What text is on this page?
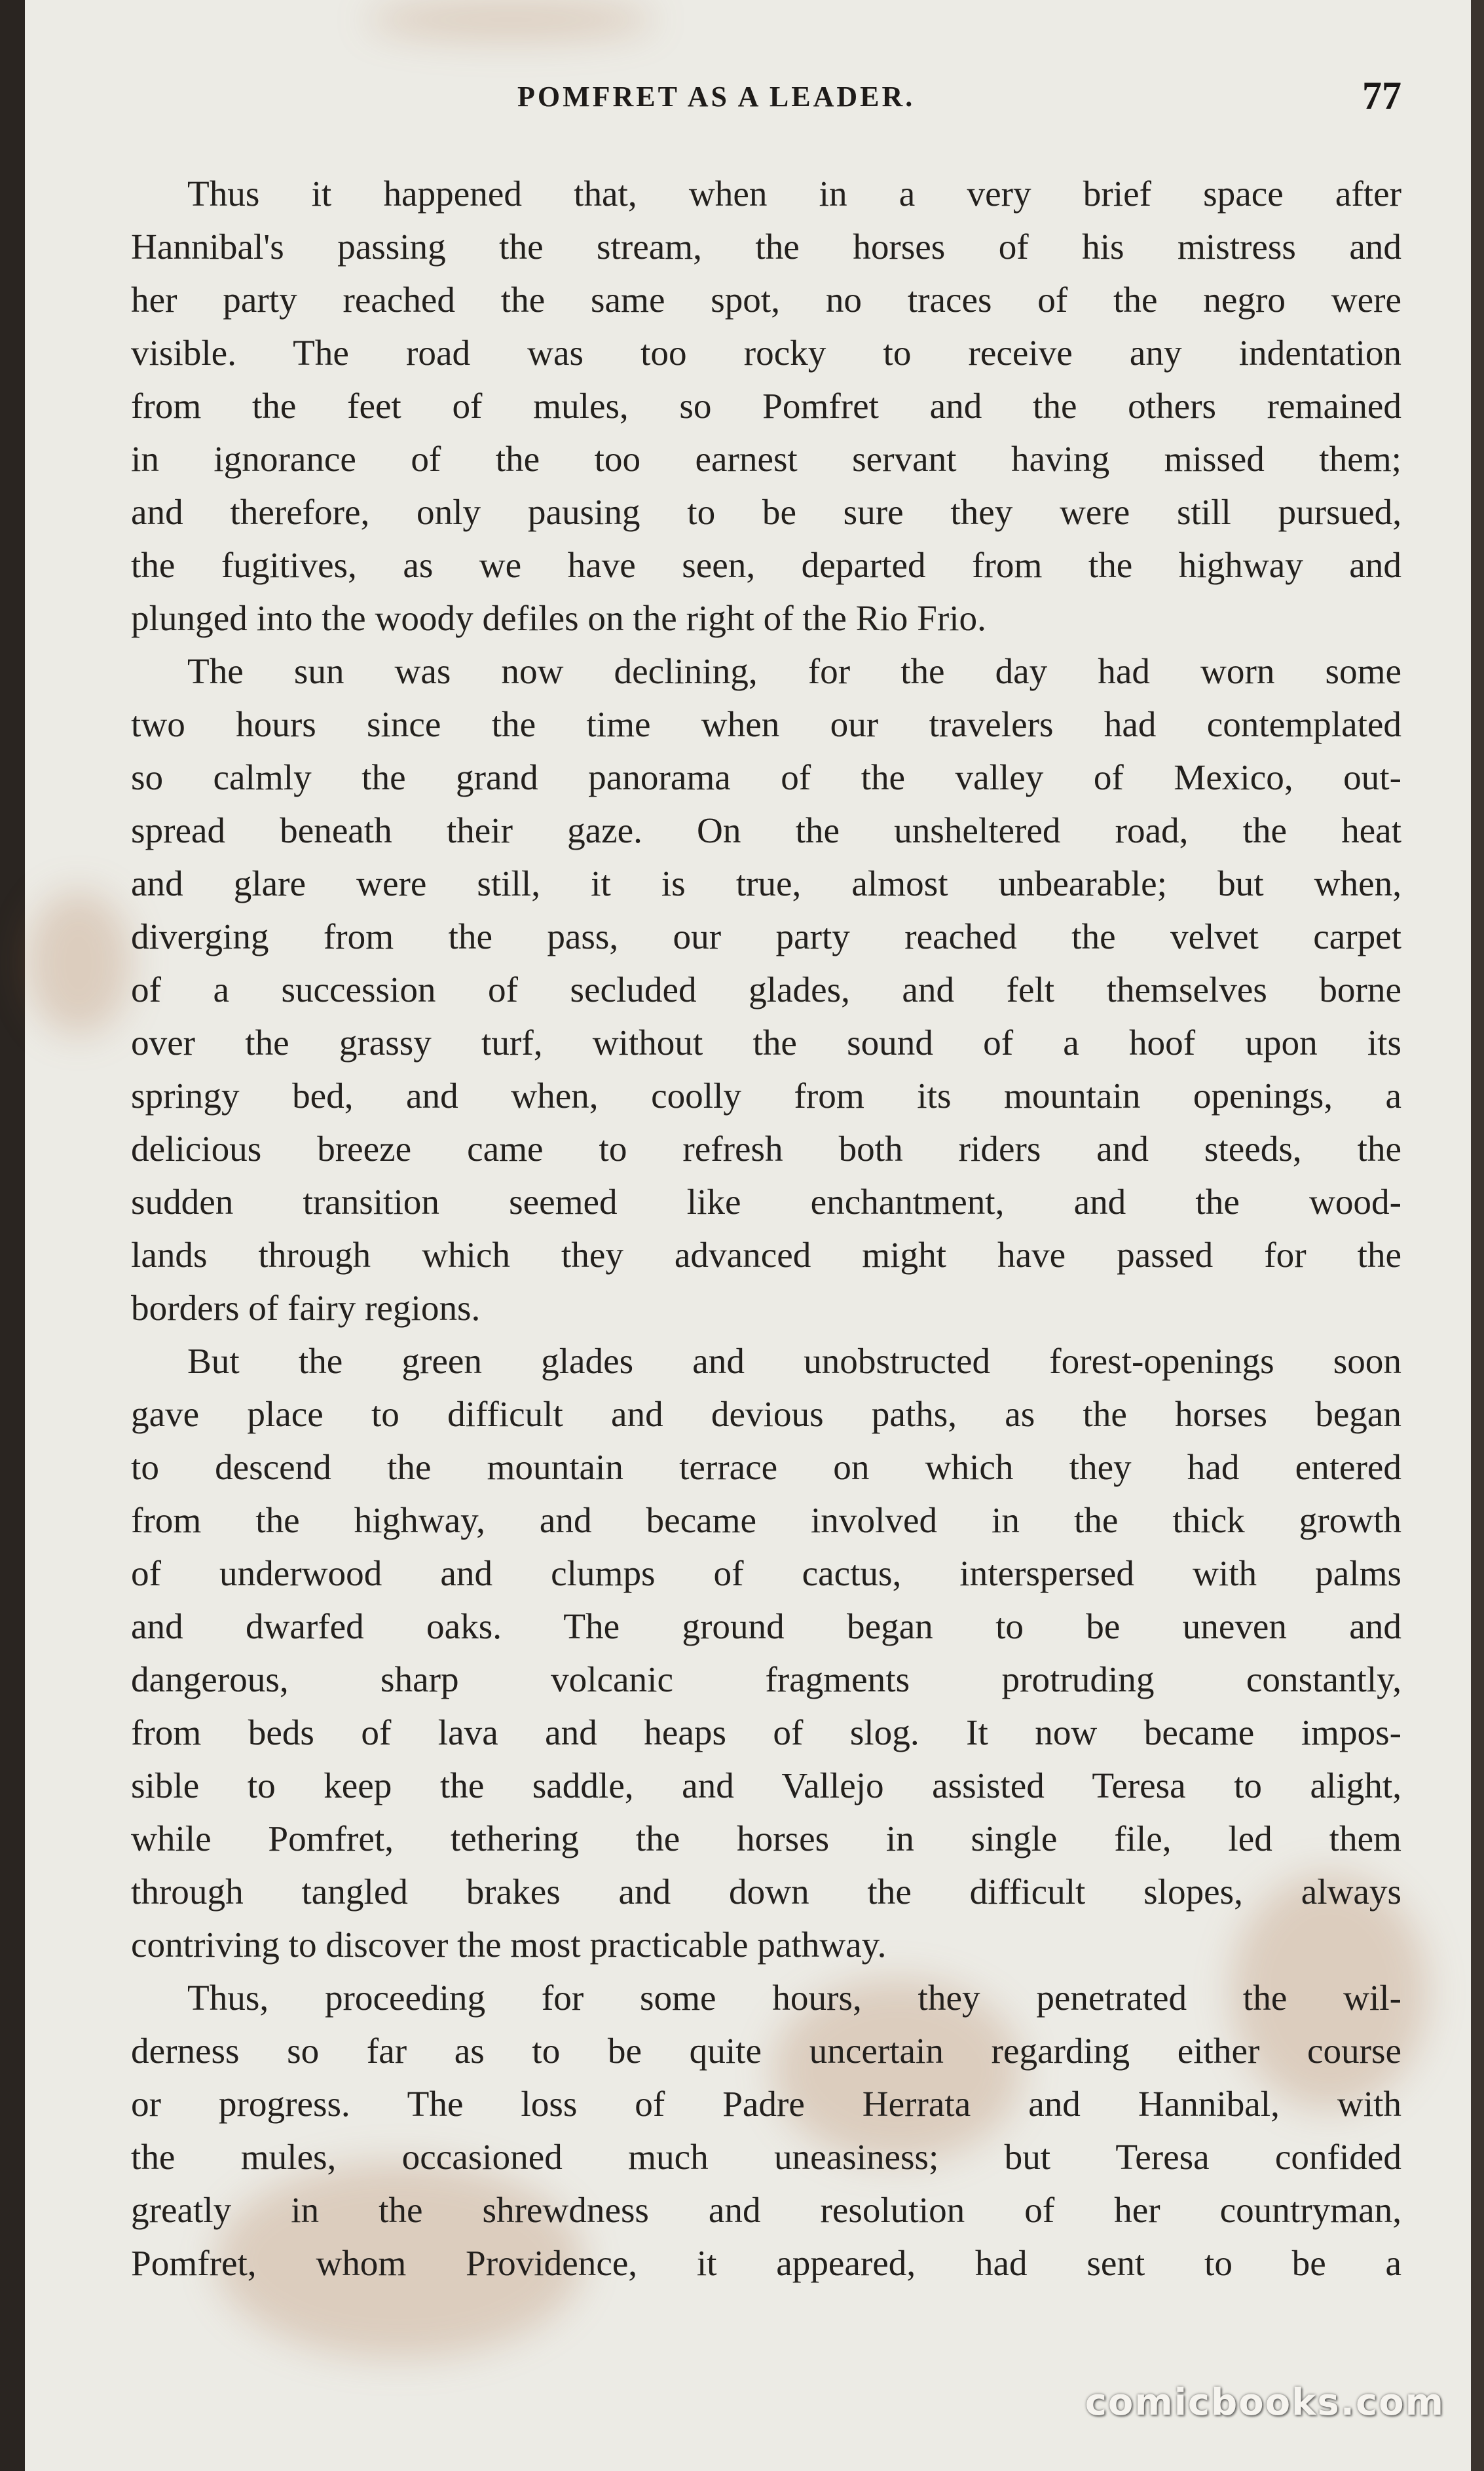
POMFRET AS A LEADER.	77
Thus it happened that, when in a very brief space after
Hannibal's passing the stream, the horses of his mistress and
her party reached the same spot, no traces of the negro were
visible. The road was too rocky to receive any indentation
from the feet of mules, so Pomfret and the others remained
in ignorance of the too earnest servant having missed them;
and therefore, only pausing to be sure they were still pursued,
the fugitives, as we have seen, departed from the highway and
plunged into the woody defiles on the right of the Rio Frio.
The sun was now declining, for the day had worn some
two hours since the time when our travelers had contemplated
so calmly the grand panorama of the valley of Mexico, out-
spread beneath their gaze. On the unsheltered road, the heat
and glare were still, it is true, almost unbearable; but when,
diverging from the pass, our party reached the velvet carpet
of a succession of secluded glades, and felt themselves borne
over the grassy turf, without the sound of a hoof upon its
springy bed, and when, coolly from its mountain openings, a
delicious breeze came to refresh both riders and steeds, the
sudden transition seemed like enchantment, and the wood-
lands through which they advanced might have passed for the
borders of fairy regions.
But the green glades and unobstructed forest-openings soon
gave place to difficult and devious paths, as the horses began
to descend the mountain terrace on which they had entered
from the highway, and became involved in the thick growth
of underwood and clumps of cactus, interspersed with palms
and dwarfed oaks. The ground began to be uneven and
dangerous, sharp volcanic fragments protruding constantly,
from beds of lava and heaps of slog. It now became impos-
sible to keep the saddle, and Vallejo assisted Teresa to alight,
while Pomfret, tethering the horses in single file, led them
through tangled brakes and down the difficult slopes, always
contriving to discover the most practicable pathway.
Thus, proceeding for some hours, they penetrated the wil-
derness so far as to be quite uncertain regarding either course
or progress. The loss of Padre Herrata and Hannibal, with
the mules, occasioned much uneasiness; but Teresa confided
greatly in the shrewdness and resolution of her countryman,
Pomfret, whom Providence, it appeared, had sent to be a
comicbooks.com
